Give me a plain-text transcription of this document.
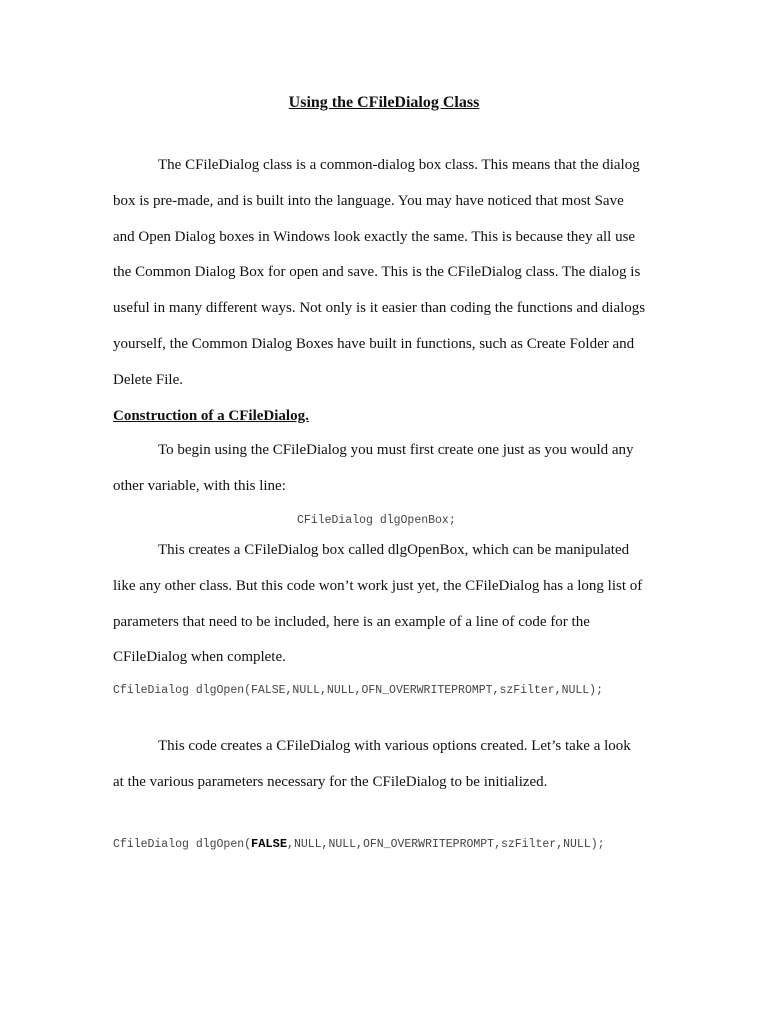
Using the CFileDialog Class

The CFileDialog class is a common-dialog box class. This means that the dialog
box is pre-made, and is built into the language. You may have noticed that most Save
and Open Dialog boxes in Windows look exactly the same. This is because they all use
the Common Dialog Box for open and save. This is the CFileDialog class. The dialog is
useful in many different ways. Not only is it easier than coding the functions and dialogs
yourself, the Common Dialog Boxes have built in functions, such as Create Folder and
Delete File.

Construction of a CFileDialog.

To begin using the CFileDialog you must first create one just as you would any
other variable, with this line:

CFileDialog dlgOpenBox;

This creates a CFileDialog box called dlgOpenBox, which can be manipulated
like any other class. But this code won’t work just yet, the CFileDialog has a long list of
parameters that need to be included, here is an example of a line of code for the
CFileDialog when complete.

CfileDialog dlgOpen(FALSE,NULL,NULL,OFN_OVERWRITEPROMPT,szFilter,NULL);

This code creates a CFileDialog with various options created. Let’s take a look
at the various parameters necessary for the CFileDialog to be initialized.

CfileDialog dlgOpen(FALSE,NULL,NULL,OFN_OVERWRITEPROMPT,szFilter,NULL);
